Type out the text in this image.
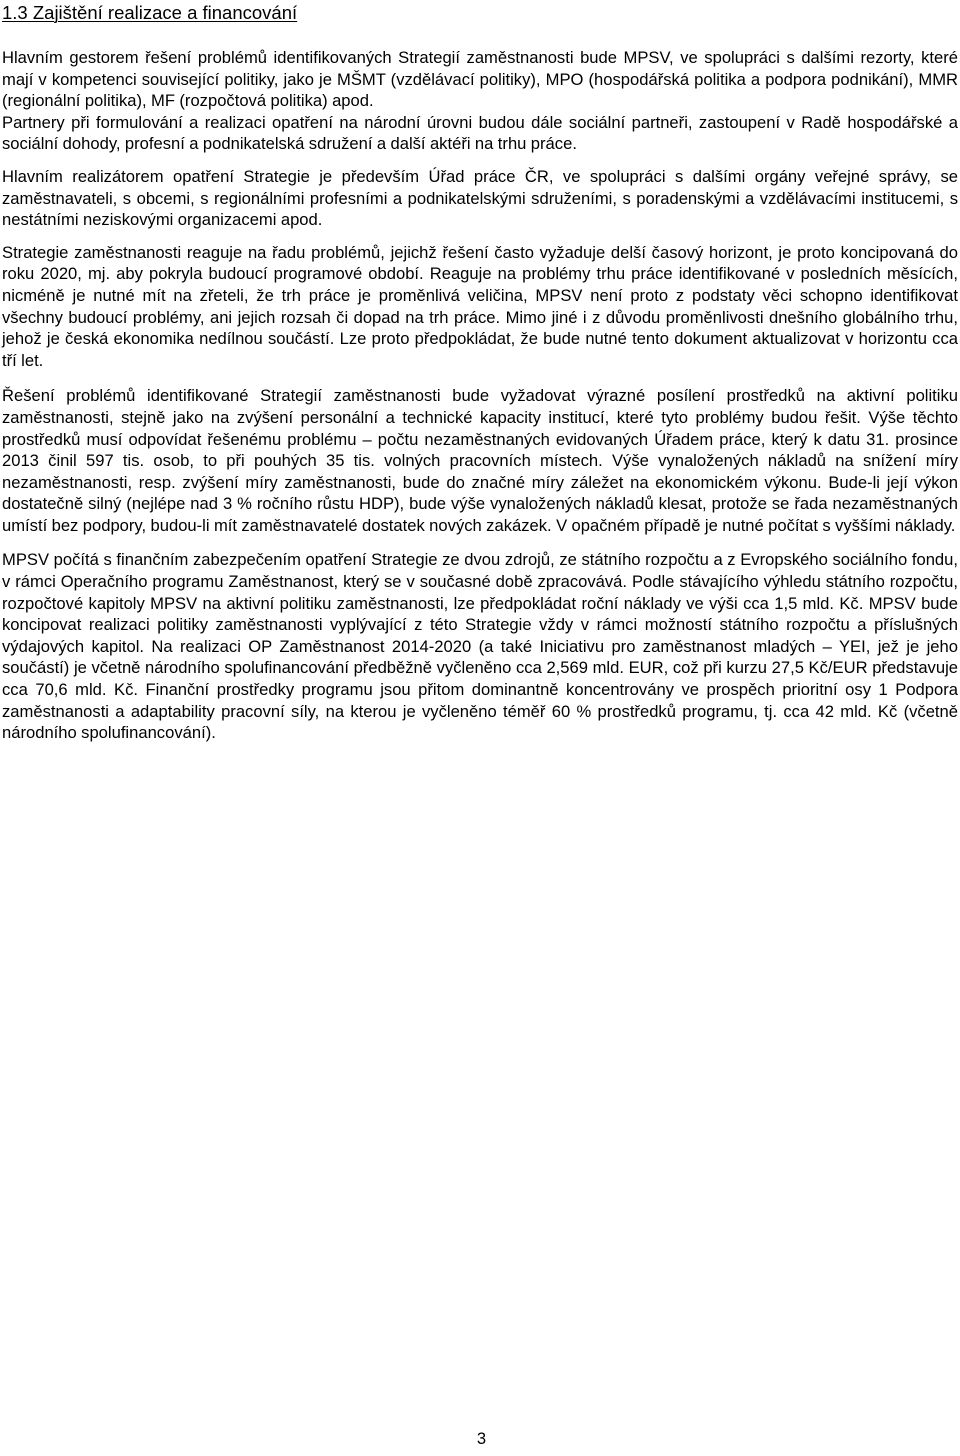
1.3 Zajištění realizace a financování

Hlavním gestorem řešení problémů identifikovaných Strategií zaměstnanosti bude MPSV, ve spolupráci s dalšími rezorty, které mají v kompetenci související politiky, jako je MŠMT (vzdělávací politiky), MPO (hospodářská politika a podpora podnikání), MMR (regionální politika), MF (rozpočtová politika) apod.

Partnery při formulování a realizaci opatření na národní úrovni budou dále sociální partneři, zastoupení v Radě hospodářské a sociální dohody, profesní a podnikatelská sdružení a další aktéři na trhu práce.

Hlavním realizátorem opatření Strategie je především Úřad práce ČR, ve spolupráci s dalšími orgány veřejné správy, se zaměstnavateli, s obcemi, s regionálními profesními a podnikatelskými sdruženími, s poradenskými a vzdělávacími institucemi, s nestátními neziskovými organizacemi apod.

Strategie zaměstnanosti reaguje na řadu problémů, jejichž řešení často vyžaduje delší časový horizont, je proto koncipovaná do roku 2020, mj. aby pokryla budoucí programové období. Reaguje na problémy trhu práce identifikované v posledních měsících, nicméně je nutné mít na zřeteli, že trh práce je proměnlivá veličina, MPSV není proto z podstaty věci schopno identifikovat všechny budoucí problémy, ani jejich rozsah či dopad na trh práce. Mimo jiné i z důvodu proměnlivosti dnešního globálního trhu, jehož je česká ekonomika nedílnou součástí. Lze proto předpokládat, že bude nutné tento dokument aktualizovat v horizontu cca tří let.

Řešení problémů identifikované Strategií zaměstnanosti bude vyžadovat výrazné posílení prostředků na aktivní politiku zaměstnanosti, stejně jako na zvýšení personální a technické kapacity institucí, které tyto problémy budou řešit. Výše těchto prostředků musí odpovídat řešenému problému – počtu nezaměstnaných evidovaných Úřadem práce, který k datu 31. prosince 2013 činil 597 tis. osob, to při pouhých 35 tis. volných pracovních místech. Výše vynaložených nákladů na snížení míry nezaměstnanosti, resp. zvýšení míry zaměstnanosti, bude do značné míry záležet na ekonomickém výkonu. Bude-li její výkon dostatečně silný (nejlépe nad 3 % ročního růstu HDP), bude výše vynaložených nákladů klesat, protože se řada nezaměstnaných umístí bez podpory, budou-li mít zaměstnavatelé dostatek nových zakázek. V opačném případě je nutné počítat s vyššími náklady.

MPSV počítá s finančním zabezpečením opatření Strategie ze dvou zdrojů, ze státního rozpočtu a z Evropského sociálního fondu, v rámci Operačního programu Zaměstnanost, který se v současné době zpracovává. Podle stávajícího výhledu státního rozpočtu, rozpočtové kapitoly MPSV na aktivní politiku zaměstnanosti, lze předpokládat roční náklady ve výši cca 1,5 mld. Kč. MPSV bude koncipovat realizaci politiky zaměstnanosti vyplývající z této Strategie vždy v rámci možností státního rozpočtu a příslušných výdajových kapitol. Na realizaci OP Zaměstnanost 2014-2020 (a také Iniciativu pro zaměstnanost mladých – YEI, jež je jeho součástí) je včetně národního spolufinancování předběžně vyčleněno cca 2,569 mld. EUR, což při kurzu 27,5 Kč/EUR představuje cca 70,6 mld. Kč. Finanční prostředky programu jsou přitom dominantně koncentrovány ve prospěch prioritní osy 1 Podpora zaměstnanosti a adaptability pracovní síly, na kterou je vyčleněno téměř 60 % prostředků programu, tj. cca 42 mld. Kč (včetně národního spolufinancování).

3
